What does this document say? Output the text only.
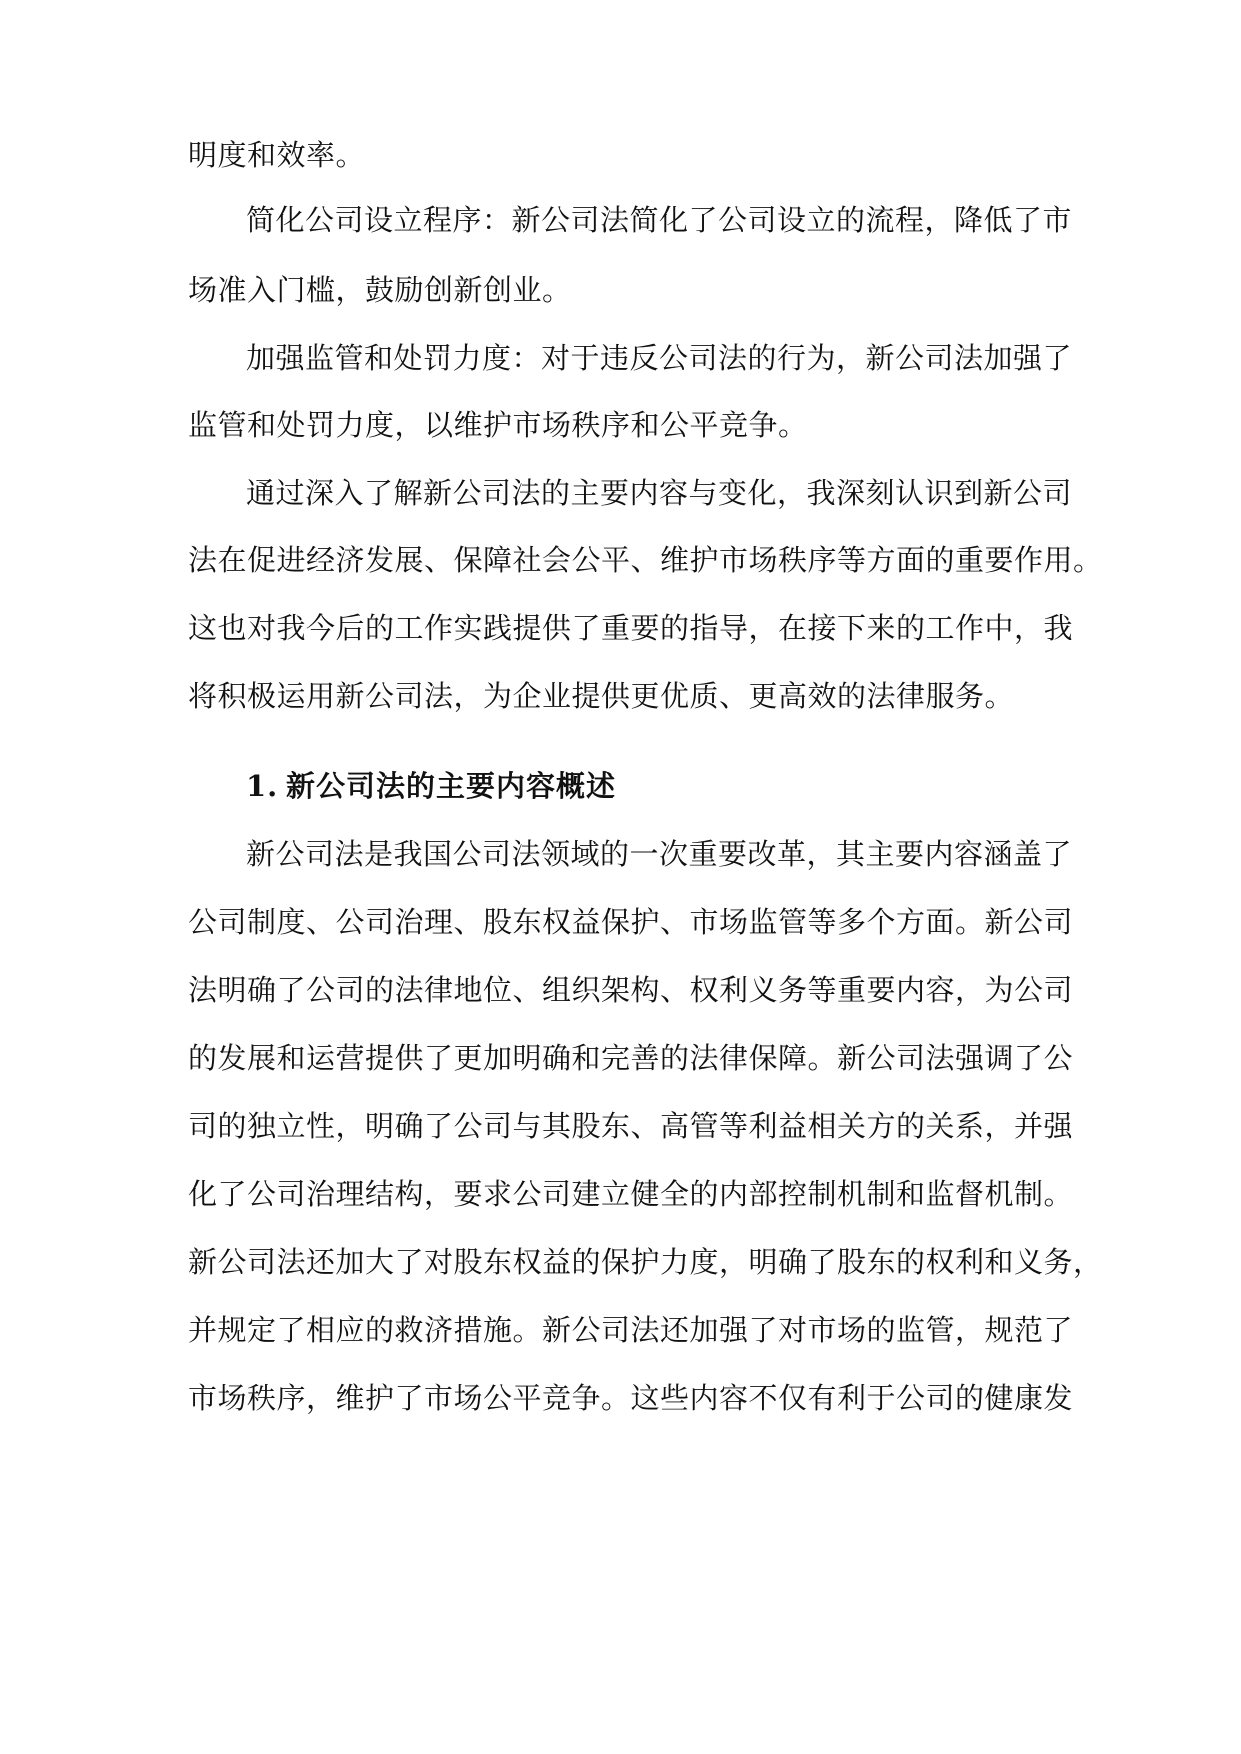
明度和效率。
简化公司设立程序：新公司法简化了公司设立的流程，降低了市
场准入门槛，鼓励创新创业。
加强监管和处罚力度：对于违反公司法的行为，新公司法加强了
监管和处罚力度，以维护市场秩序和公平竞争。
通过深入了解新公司法的主要内容与变化，我深刻认识到新公司
法在促进经济发展、保障社会公平、维护市场秩序等方面的重要作用。
这也对我今后的工作实践提供了重要的指导，在接下来的工作中，我
将积极运用新公司法，为企业提供更优质、更高效的法律服务。
1. 新公司法的主要内容概述
新公司法是我国公司法领域的一次重要改革，其主要内容涵盖了
公司制度、公司治理、股东权益保护、市场监管等多个方面。新公司
法明确了公司的法律地位、组织架构、权利义务等重要内容，为公司
的发展和运营提供了更加明确和完善的法律保障。新公司法强调了公
司的独立性，明确了公司与其股东、高管等利益相关方的关系，并强
化了公司治理结构，要求公司建立健全的内部控制机制和监督机制。
新公司法还加大了对股东权益的保护力度，明确了股东的权利和义务，
并规定了相应的救济措施。新公司法还加强了对市场的监管，规范了
市场秩序，维护了市场公平竞争。这些内容不仅有利于公司的健康发
